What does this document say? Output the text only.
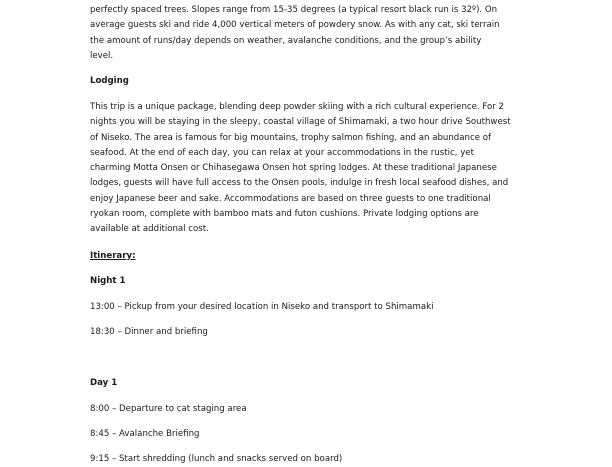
perfectly spaced trees. Slopes range from 15-35 degrees (a typical resort black run is 32º). On
average guests ski and ride 4,000 vertical meters of powdery snow. As with any cat, ski terrain
the amount of runs/day depends on weather, avalanche conditions, and the group’s ability
level.

Lodging

This trip is a unique package, blending deep powder skiing with a rich cultural experience. For 2
nights you will be staying in the sleepy, coastal village of Shimamaki, a two hour drive Southwest
of Niseko. The area is famous for big mountains, trophy salmon fishing, and an abundance of
seafood. At the end of each day, you can relax at your accommodations in the rustic, yet
charming Motta Onsen or Chihasegawa Onsen hot spring lodges. At these traditional Japanese
lodges, guests will have full access to the Onsen pools, indulge in fresh local seafood dishes, and
enjoy Japanese beer and sake. Accommodations are based on three guests to one traditional
ryokan room, complete with bamboo mats and futon cushions. Private lodging options are
available at additional cost.

Itinerary:

Night 1

13:00 – Pickup from your desired location in Niseko and transport to Shimamaki

18:30 – Dinner and briefing

Day 1

8:00 – Departure to cat staging area

8:45 – Avalanche Briefing

9:15 – Start shredding (lunch and snacks served on board)
